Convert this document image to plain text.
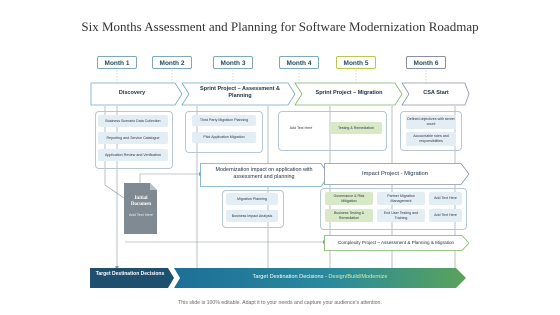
Six Months Assessment and Planning for Software Modernization Roadmap
Month 1	Month 2	Month 3	Month 4	Month 5	Month 6
Discovery
Sprint Project – Assessment & Planning	Sprint Project – Migration	CSA Start
Business Scenario Data Collection
Reporting and Service Catalogue
Application Review and Verification
Third Party Migration Planning
Pilot Application Migration
Add Text Here	Testing & Remediation
Defined objectives with server count
Accountable roles and responsibilities
Initial Documen
Add Text Here
Modernization impact on application with assessment and planning
Migration Planning
Business Impact Analysis
Impact Project - Migration
Governance & Risk Mitigation
Partner Migration Management
Add Text Here
Business Testing & Remediation
End User Testing and Training
Add Text Here
Complexity Project – Assessment & Planning & Migration
Target Destination Decisions	Target Destination Decisions - Design/Build/Modernize
This slide is 100% editable. Adapt it to your needs and capture your audience's attention.
